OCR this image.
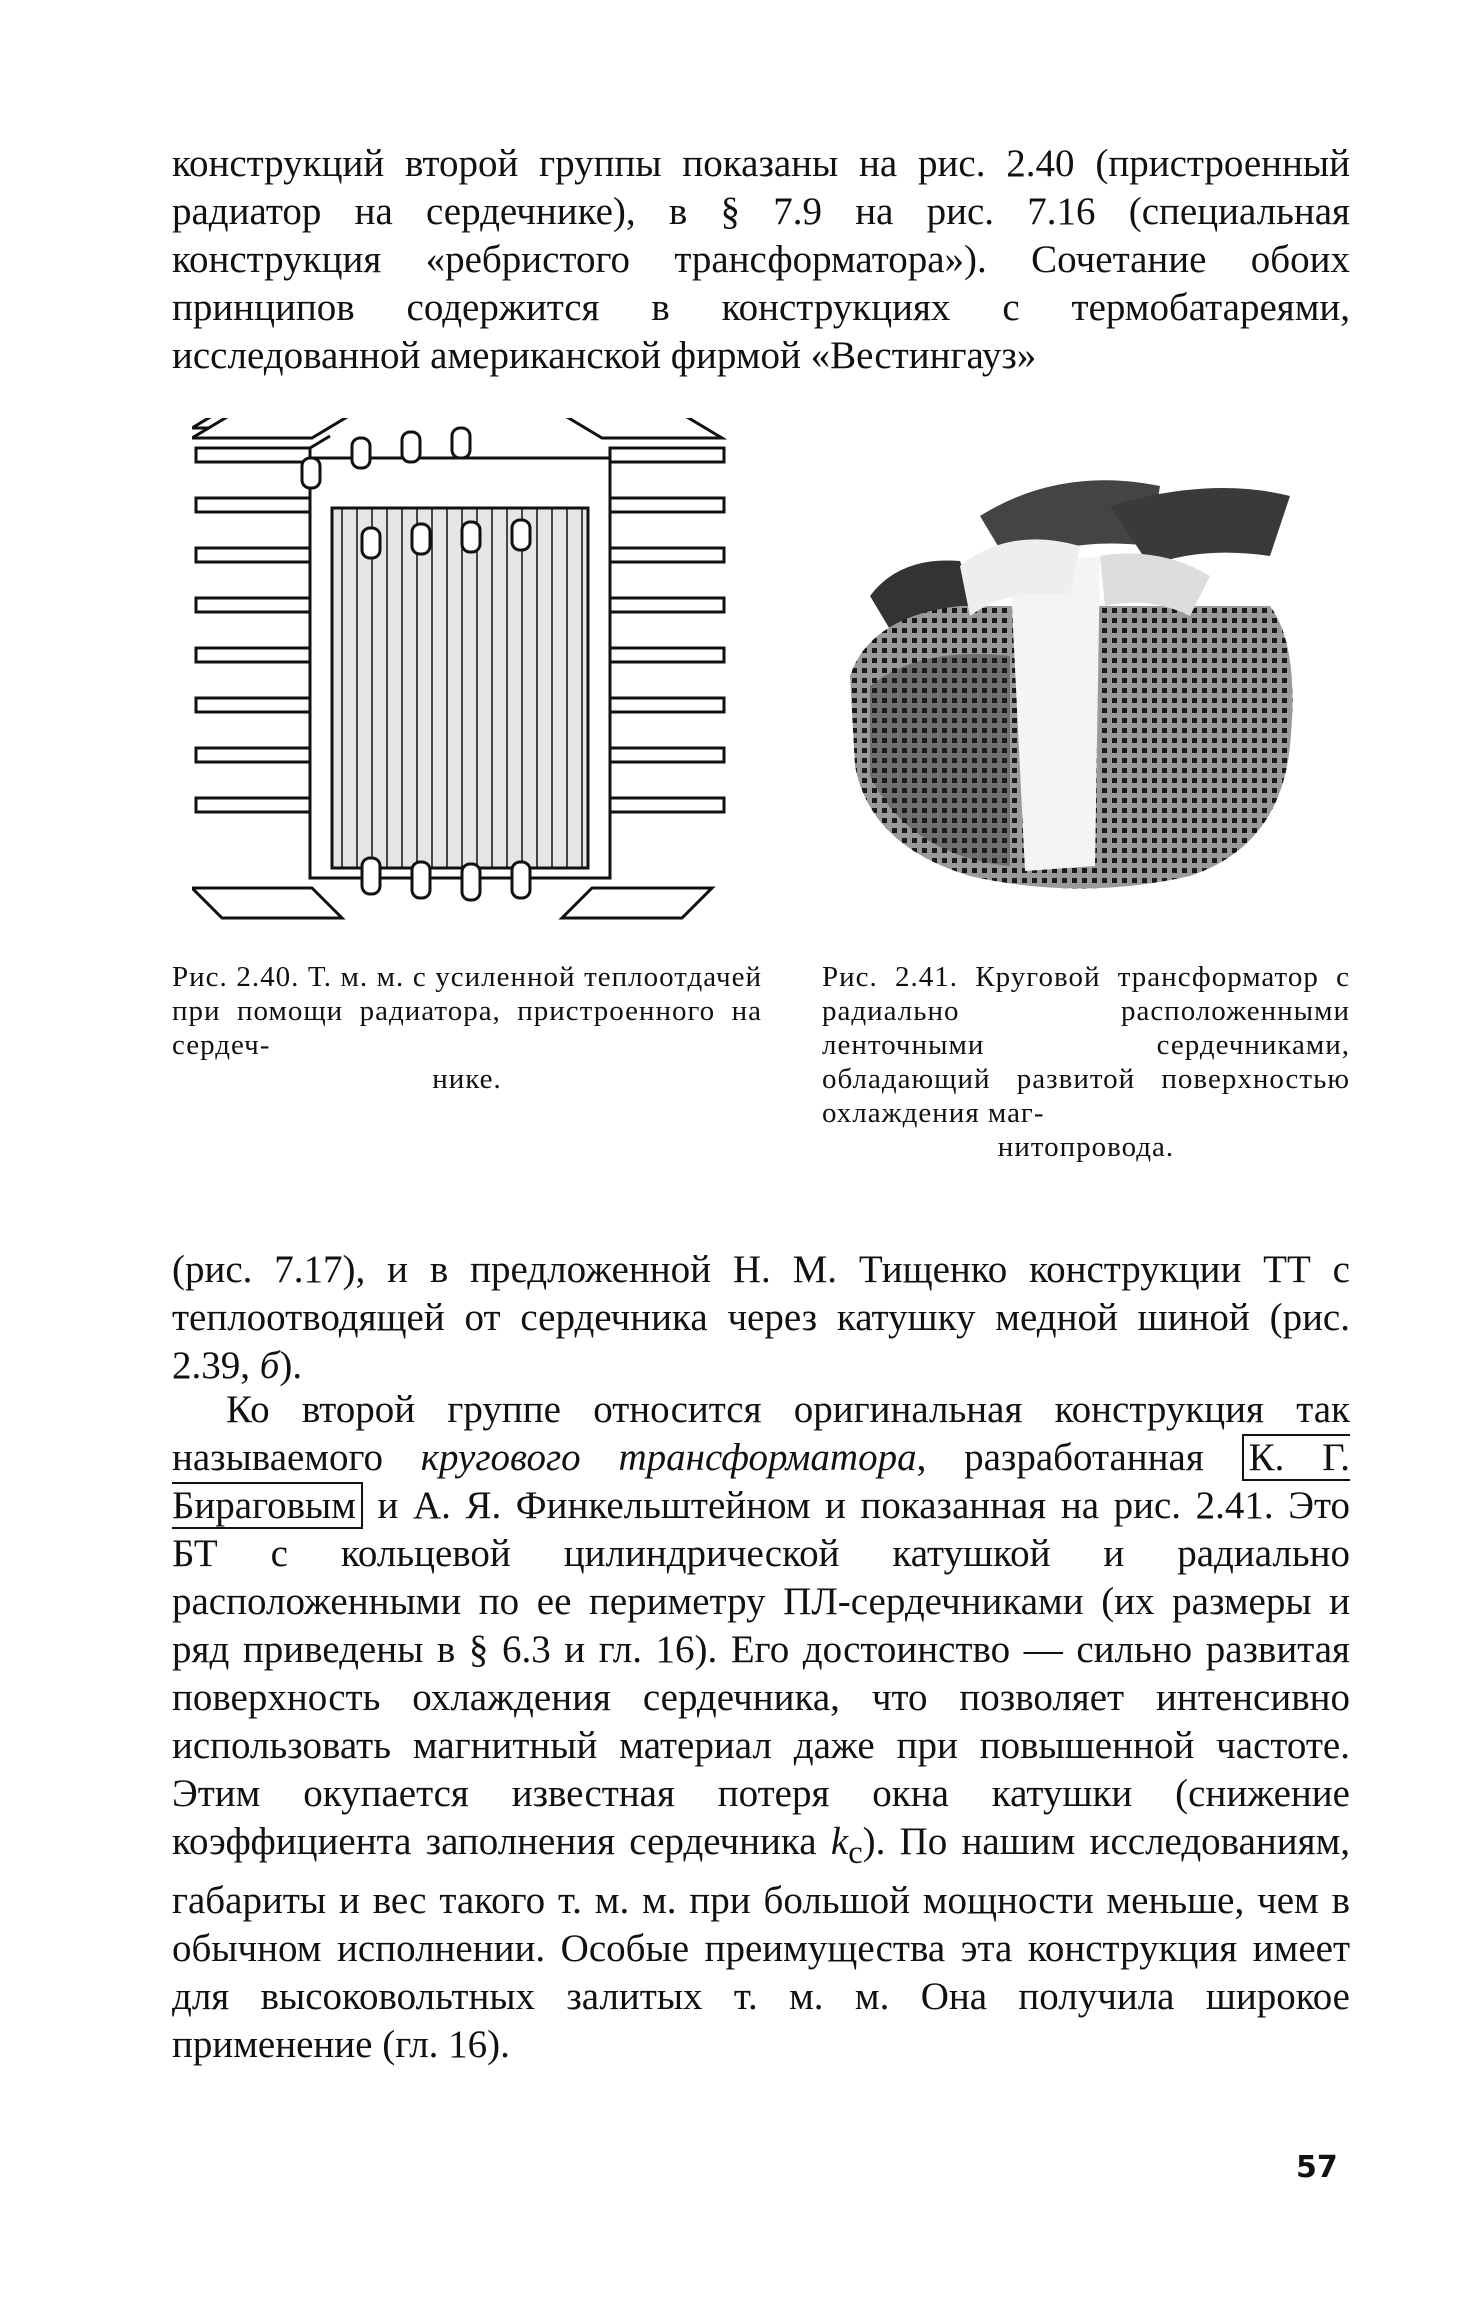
конструкций второй группы показаны на рис. 2.40 (пристроенный радиатор на сердечнике), в § 7.9 на рис. 7.16 (специальная конструкция «ребристого трансформатора»). Сочетание обоих принципов содержится в конструкциях с термобатареями, исследованной американской фирмой «Вестингауз»

Рис. 2.40. Т. м. м. с усиленной теплоотдачей при помощи радиатора, пристроенного на сердеч-
нике.
Рис. 2.41. Круговой трансформатор с радиально расположенными ленточными сердечниками, обладающий развитой поверхностью охлаждения маг-
нитопровода.

(рис. 7.17), и в предложенной Н. М. Тищенко конструкции ТТ с теплоотводящей от сердечника через катушку медной шиной (рис. 2.39, б).

Ко второй группе относится оригинальная конструкция так называемого кругового трансформатора, разработанная К. Г. Бираговым и А. Я. Финкельштейном и показанная на рис. 2.41. Это БТ с кольцевой цилиндрической катушкой и радиально расположенными по ее периметру ПЛ-сердечниками (их размеры и ряд приведены в § 6.3 и гл. 16). Его достоинство — сильно развитая поверхность охлаждения сердечника, что позволяет интенсивно использовать магнитный материал даже при повышенной частоте. Этим окупается известная потеря окна катушки (снижение коэффициента заполнения сердечника $k_c$). По нашим исследованиям, габариты и вес такого т. м. м. при большой мощности меньше, чем в обычном исполнении. Особые преимущества эта конструкция имеет для высоковольтных залитых т. м. м. Она получила широкое применение (гл. 16).

57
